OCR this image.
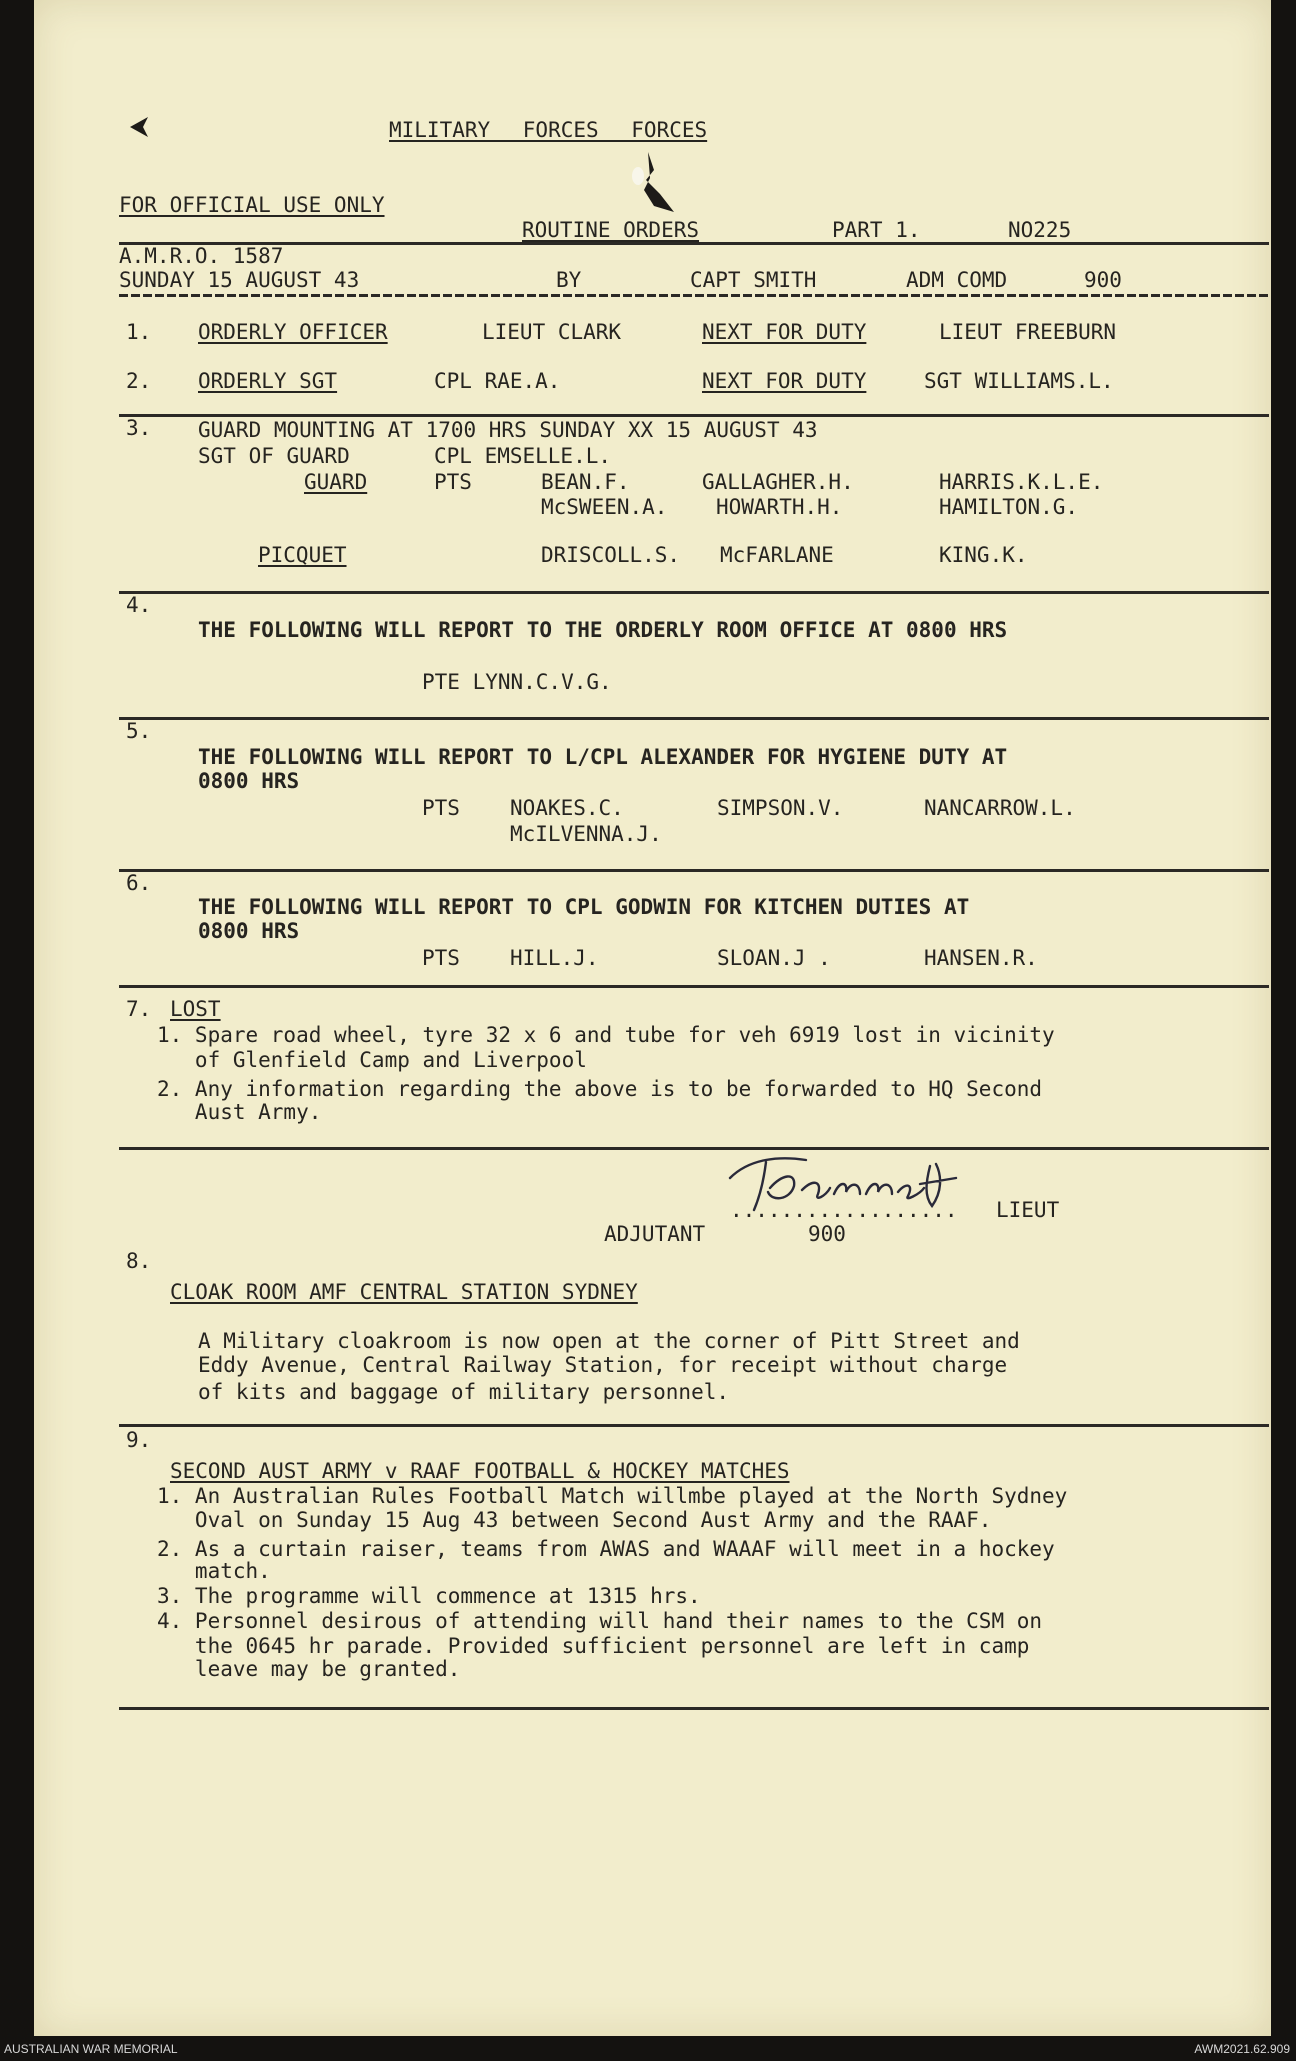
MILITARY FORCES FORCES
FOR OFFICIAL USE ONLY
ROUTINE ORDERS	PART 1.	NO225
A.M.R.O. 1587
SUNDAY 15 AUGUST 43	BY	CAPT SMITH	ADM COMD	900
1. ORDERLY OFFICER	LIEUT CLARK	NEXT FOR DUTY	LIEUT FREEBURN
2. ORDERLY SGT	CPL RAE.A.	NEXT FOR DUTY	SGT WILLIAMS.L.
3. GUARD MOUNTING AT 1700 HRS SUNDAY XX 15 AUGUST 43
SGT OF GUARD	CPL EMSELLE.L.
GUARD	PTS	BEAN.F.	GALLAGHER.H.	HARRIS.K.L.E.
McSWEEN.A. HOWARTH.H.	HAMILTON.G.
PICQUET	DRISCOLL.S. McFARLANE	KING.K.
4.
THE FOLLOWING WILL REPORT TO THE ORDERLY ROOM OFFICE AT 0800 HRS
PTE LYNN.C.V.G.
5.
THE FOLLOWING WILL REPORT TO L/CPL ALEXANDER FOR HYGIENE DUTY AT
0800 HRS
PTS NOAKES.C.	SIMPSON.V.	NANCARROW.L.
McILVENNA.J.
6.
THE FOLLOWING WILL REPORT TO CPL GODWIN FOR KITCHEN DUTIES AT
0800 HRS
PTS HILL.J.	SLOAN.J .	HANSEN.R.
7. LOST
1. Spare road wheel, tyre 32 x 6 and tube for veh 6919 lost in vicinity
of Glenfield Camp and Liverpool
2. Any information regarding the above is to be forwarded to HQ Second
Aust Army.
.................. LIEUT
ADJUTANT	900
8.
CLOAK ROOM AMF CENTRAL STATION SYDNEY
A Military cloakroom is now open at the corner of Pitt Street and
Eddy Avenue, Central Railway Station, for receipt without charge
of kits and baggage of military personnel.
9.
SECOND AUST ARMY v RAAF FOOTBALL & HOCKEY MATCHES
1. An Australian Rules Football Match willmbe played at the North Sydney
Oval on Sunday 15 Aug 43 between Second Aust Army and the RAAF.
2. As a curtain raiser, teams from AWAS and WAAAF will meet in a hockey
match.
3. The programme will commence at 1315 hrs.
4. Personnel desirous of attending will hand their names to the CSM on
the 0645 hr parade. Provided sufficient personnel are left in camp
leave may be granted.
AUSTRALIAN WAR MEMORIAL	AWM2021.62.909
